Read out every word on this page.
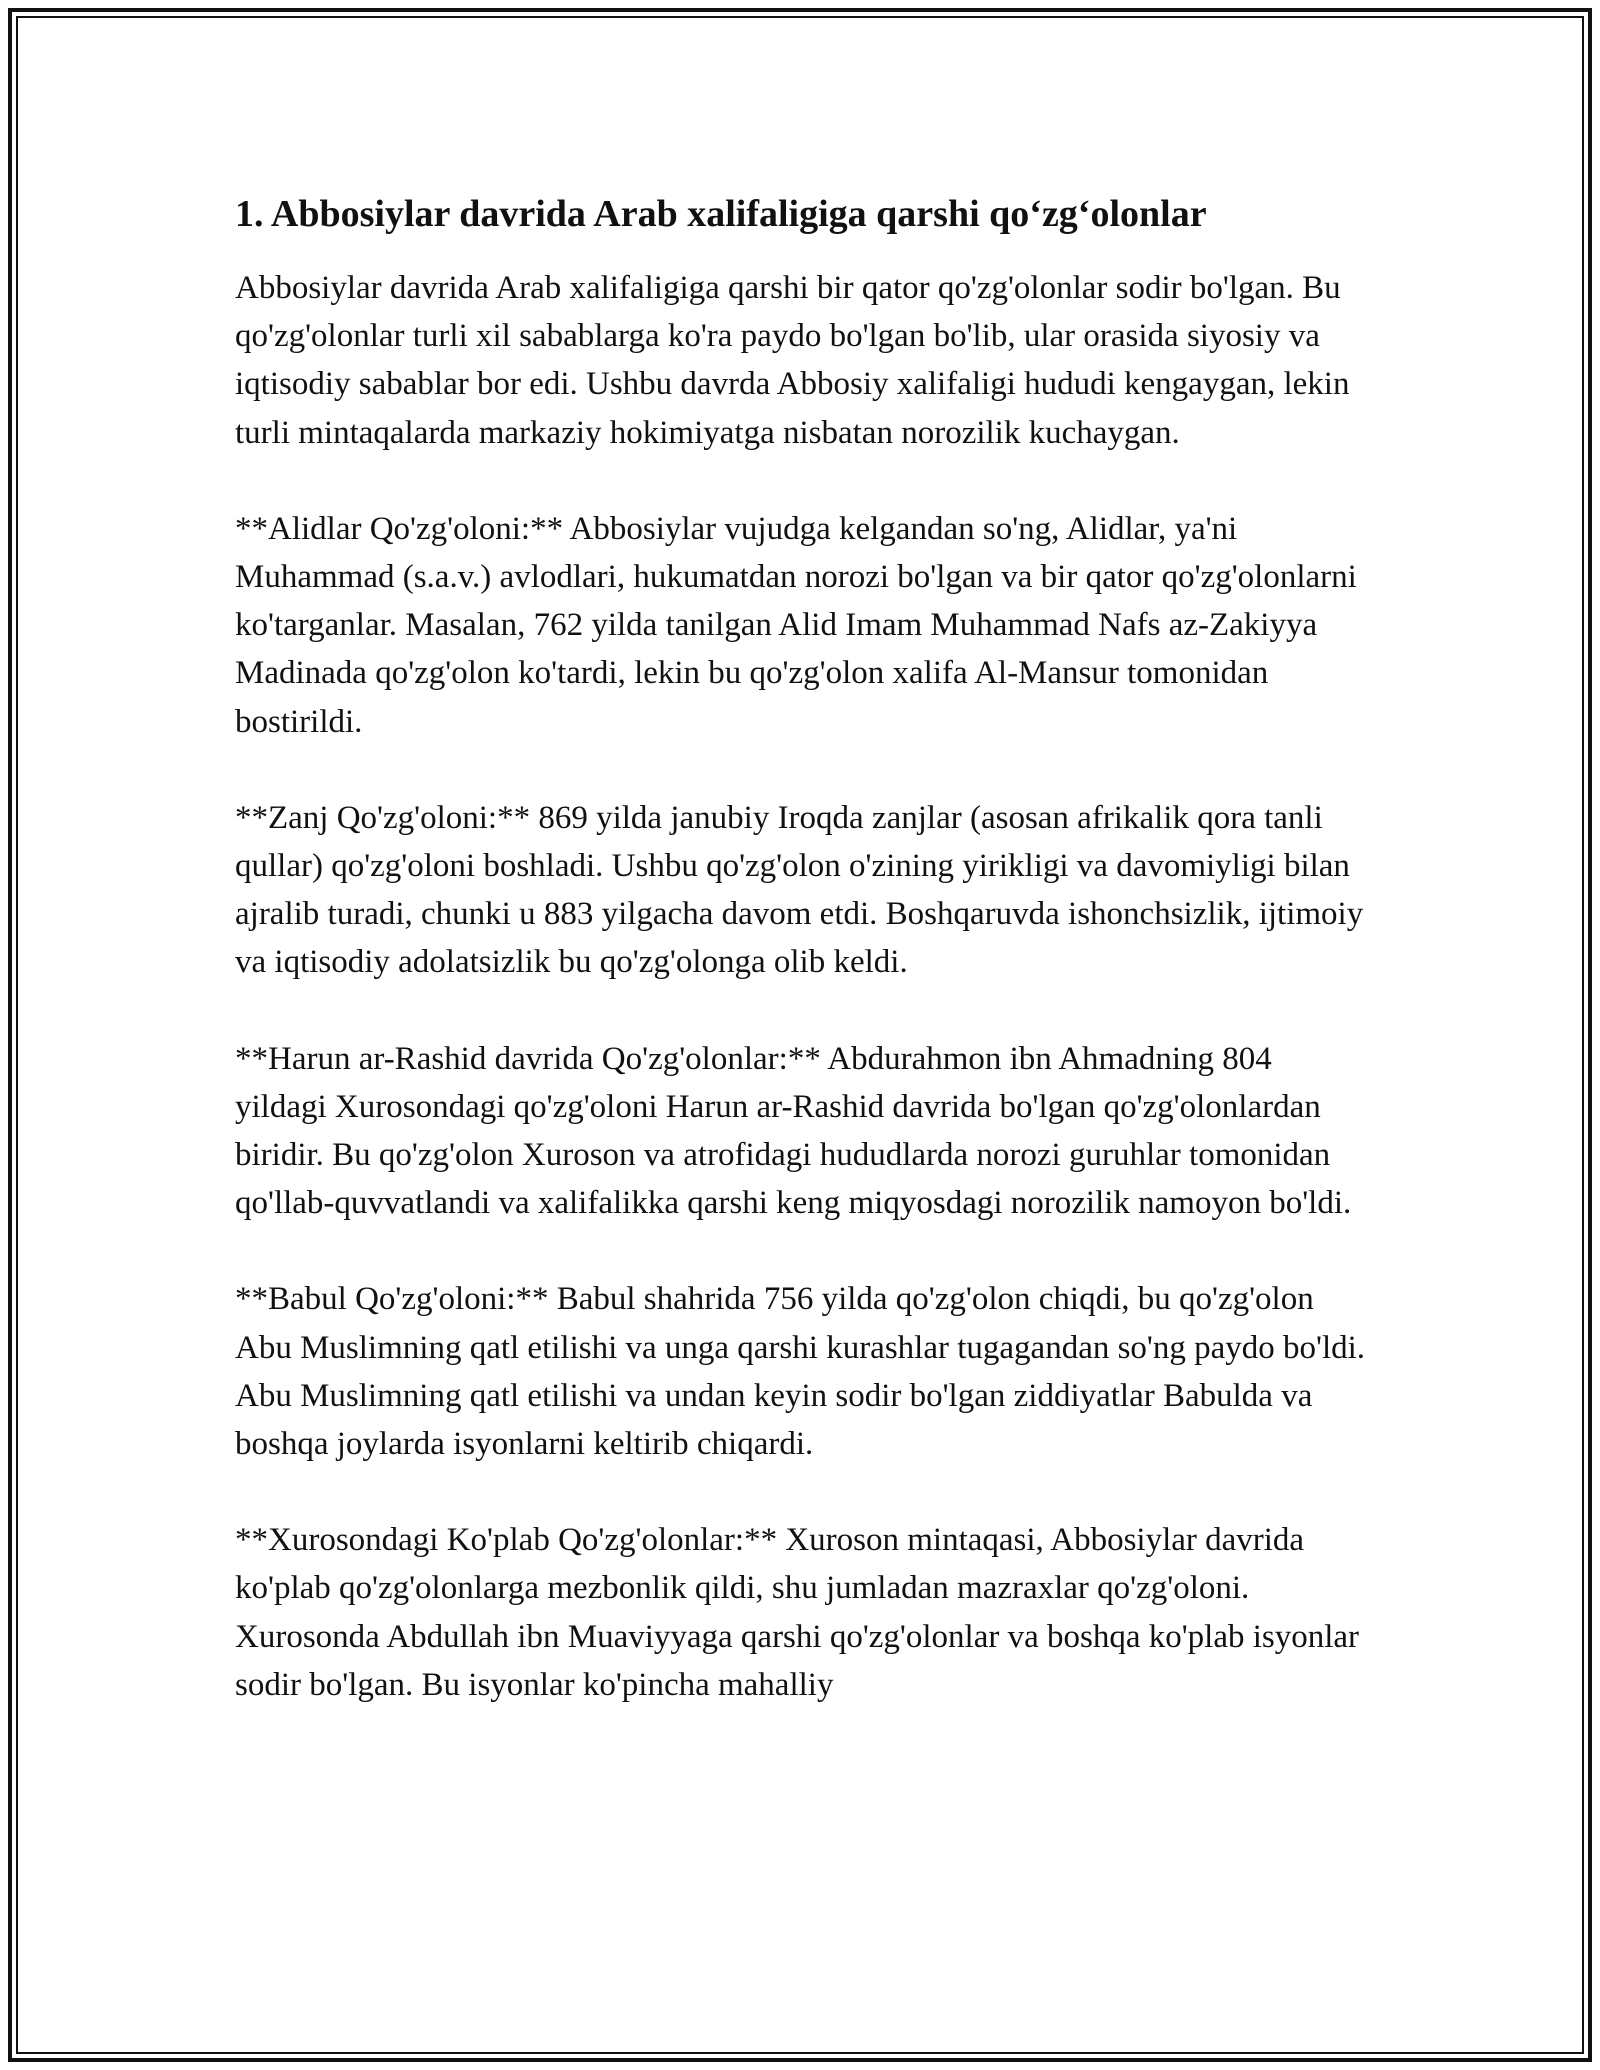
1. Abbosiylar davrida Arab xalifaligiga qarshi qo‘zg‘olonlar

Abbosiylar davrida Arab xalifaligiga qarshi bir qator qo'zg'olonlar sodir bo'lgan. Bu qo'zg'olonlar turli xil sabablarga ko'ra paydo bo'lgan bo'lib, ular orasida siyosiy va iqtisodiy sabablar bor edi. Ushbu davrda Abbosiy xalifaligi hududi kengaygan, lekin turli mintaqalarda markaziy hokimiyatga nisbatan norozilik kuchaygan.

**Alidlar Qo'zg'oloni:** Abbosiylar vujudga kelgandan so'ng, Alidlar, ya'ni Muhammad (s.a.v.) avlodlari, hukumatdan norozi bo'lgan va bir qator qo'zg'olonlarni ko'targanlar. Masalan, 762 yilda tanilgan Alid Imam Muhammad Nafs az-Zakiyya Madinada qo'zg'olon ko'tardi, lekin bu qo'zg'olon xalifa Al-Mansur tomonidan bostirildi.

**Zanj Qo'zg'oloni:** 869 yilda janubiy Iroqda zanjlar (asosan afrikalik qora tanli qullar) qo'zg'oloni boshladi. Ushbu qo'zg'olon o'zining yirikligi va davomiyligi bilan ajralib turadi, chunki u 883 yilgacha davom etdi. Boshqaruvda ishonchsizlik, ijtimoiy va iqtisodiy adolatsizlik bu qo'zg'olonga olib keldi.

**Harun ar-Rashid davrida Qo'zg'olonlar:** Abdurahmon ibn Ahmadning 804 yildagi Xurosondagi qo'zg'oloni Harun ar-Rashid davrida bo'lgan qo'zg'olonlardan biridir. Bu qo'zg'olon Xuroson va atrofidagi hududlarda norozi guruhlar tomonidan qo'llab-quvvatlandi va xalifalikka qarshi keng miqyosdagi norozilik namoyon bo'ldi.

**Babul Qo'zg'oloni:** Babul shahrida 756 yilda qo'zg'olon chiqdi, bu qo'zg'olon Abu Muslimning qatl etilishi va unga qarshi kurashlar tugagandan so'ng paydo bo'ldi. Abu Muslimning qatl etilishi va undan keyin sodir bo'lgan ziddiyatlar Babulda va boshqa joylarda isyonlarni keltirib chiqardi.

**Xurosondagi Ko'plab Qo'zg'olonlar:** Xuroson mintaqasi, Abbosiylar davrida ko'plab qo'zg'olonlarga mezbonlik qildi, shu jumladan mazraxlar qo'zg'oloni. Xurosonda Abdullah ibn Muaviyyaga qarshi qo'zg'olonlar va boshqa ko'plab isyonlar sodir bo'lgan. Bu isyonlar ko'pincha mahalliy
